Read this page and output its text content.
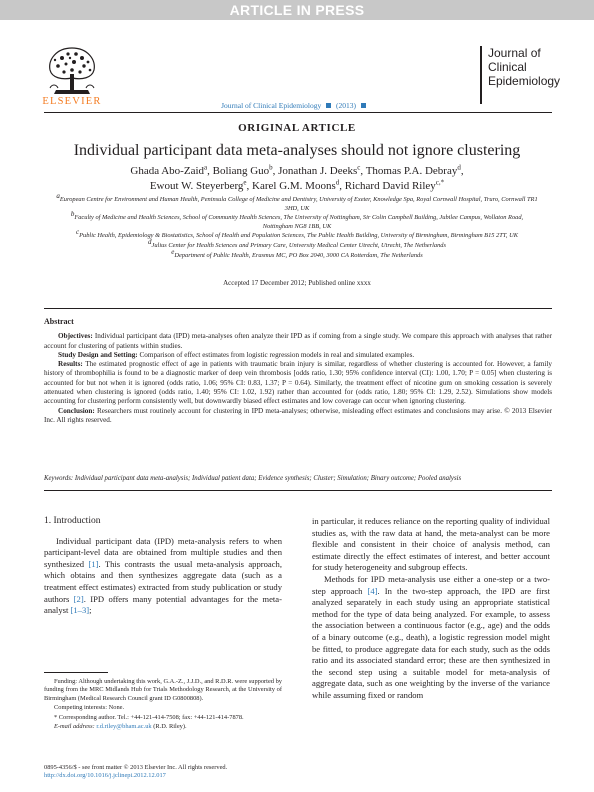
ARTICLE IN PRESS
ELSEVIER	Journal of Clinical Epidemiology (2013)
Journal of
Clinical
Epidemiology
ORIGINAL ARTICLE
Individual participant data meta-analyses should not ignore clustering
Ghada Abo-Zaid$^a$, Boliang Guo$^b$, Jonathan J. Deeks$^c$, Thomas P.A. Debray$^d$,
Ewout W. Steyerberg$^e$, Karel G.M. Moons$^d$, Richard David Riley$^{c,*}$

$^a$European Centre for Environment and Human Health, Peninsula College of Medicine and Dentistry, University of Exeter, Knowledge Spa, Royal Cornwall Hospital, Truro, Cornwall TR1 3HD, UK

$^b$Faculty of Medicine and Health Sciences, School of Community Health Sciences, The University of Nottingham, Sir Colin Campbell Building, Jubilee Campus, Wollaton Road, Nottingham NG8 1BB, UK

$^c$Public Health, Epidemiology & Biostatistics, School of Health and Population Sciences, The Public Health Building, University of Birmingham, Birmingham B15 2TT, UK

$^d$Julius Center for Health Sciences and Primary Care, University Medical Center Utrecht, Utrecht, The Netherlands

$^e$Department of Public Health, Erasmus MC, PO Box 2040, 3000 CA Rotterdam, The Netherlands

Accepted 17 December 2012; Published online xxxx
Abstract

Objectives: Individual participant data (IPD) meta-analyses often analyze their IPD as if coming from a single study. We compare this approach with analyses that rather account for clustering of patients within studies.

Study Design and Setting: Comparison of effect estimates from logistic regression models in real and simulated examples.

Results: The estimated prognostic effect of age in patients with traumatic brain injury is similar, regardless of whether clustering is accounted for. However, a family history of thrombophilia is found to be a diagnostic marker of deep vein thrombosis [odds ratio, 1.30; 95% confidence interval (CI): 1.00, 1.70; P = 0.05] when clustering is accounted for but not when it is ignored (odds ratio, 1.06; 95% CI: 0.83, 1.37; P = 0.64). Similarly, the treatment effect of nicotine gum on smoking cessation is severely attenuated when clustering is ignored (odds ratio, 1.40; 95% CI: 1.02, 1.92) rather than accounted for (odds ratio, 1.80; 95% CI: 1.29, 2.52). Simulations show models accounting for clustering perform consistently well, but downwardly biased effect estimates and low coverage can occur when ignoring clustering.

Conclusion: Researchers must routinely account for clustering in IPD meta-analyses; otherwise, misleading effect estimates and conclusions may arise. © 2013 Elsevier Inc. All rights reserved.

Keywords: Individual participant data meta-analysis; Individual patient data; Evidence synthesis; Cluster; Simulation; Binary outcome; Pooled analysis
1. Introduction

Individual participant data (IPD) meta-analysis refers to when participant-level data are obtained from multiple studies and then synthesized [1]. This contrasts the usual meta-analysis approach, which obtains and then synthesizes aggregate data (such as a treatment effect estimates) extracted from study publication or study authors [2]. IPD offers many potential advantages for the meta-analyst [1–3];

Funding: Although undertaking this work, G.A.-Z., J.J.D., and R.D.R. were supported by funding from the MRC Midlands Hub for Trials Methodology Research, at the University of Birmingham (Medical Research Council grant ID G0800808).

Competing interests: None.

* Corresponding author. Tel.: +44-121-414-7508; fax: +44-121-414-7878.

E-mail address: r.d.riley@bham.ac.uk (R.D. Riley).

0895-4356/$ - see front matter © 2013 Elsevier Inc. All rights reserved.
http://dx.doi.org/10.1016/j.jclinepi.2012.12.017

in particular, it reduces reliance on the reporting quality of individual studies as, with the raw data at hand, the meta-analyst can be more flexible and consistent in their choice of analysis method, can estimate directly the effect estimates of interest, and better account for study heterogeneity and subgroup effects.

Methods for IPD meta-analysis use either a one-step or a two-step approach [4]. In the two-step approach, the IPD are first analyzed separately in each study using an appropriate statistical method for the type of data being analyzed. For example, to assess the association between a continuous factor (e.g., age) and the odds of a binary outcome (e.g., death), a logistic regression model might be fitted, to produce aggregate data for each study, such as the odds ratio and its associated standard error; these are then synthesized in the second step using a suitable model for meta-analysis of aggregate data, such as one weighting by the inverse of the variance while assuming fixed or random
